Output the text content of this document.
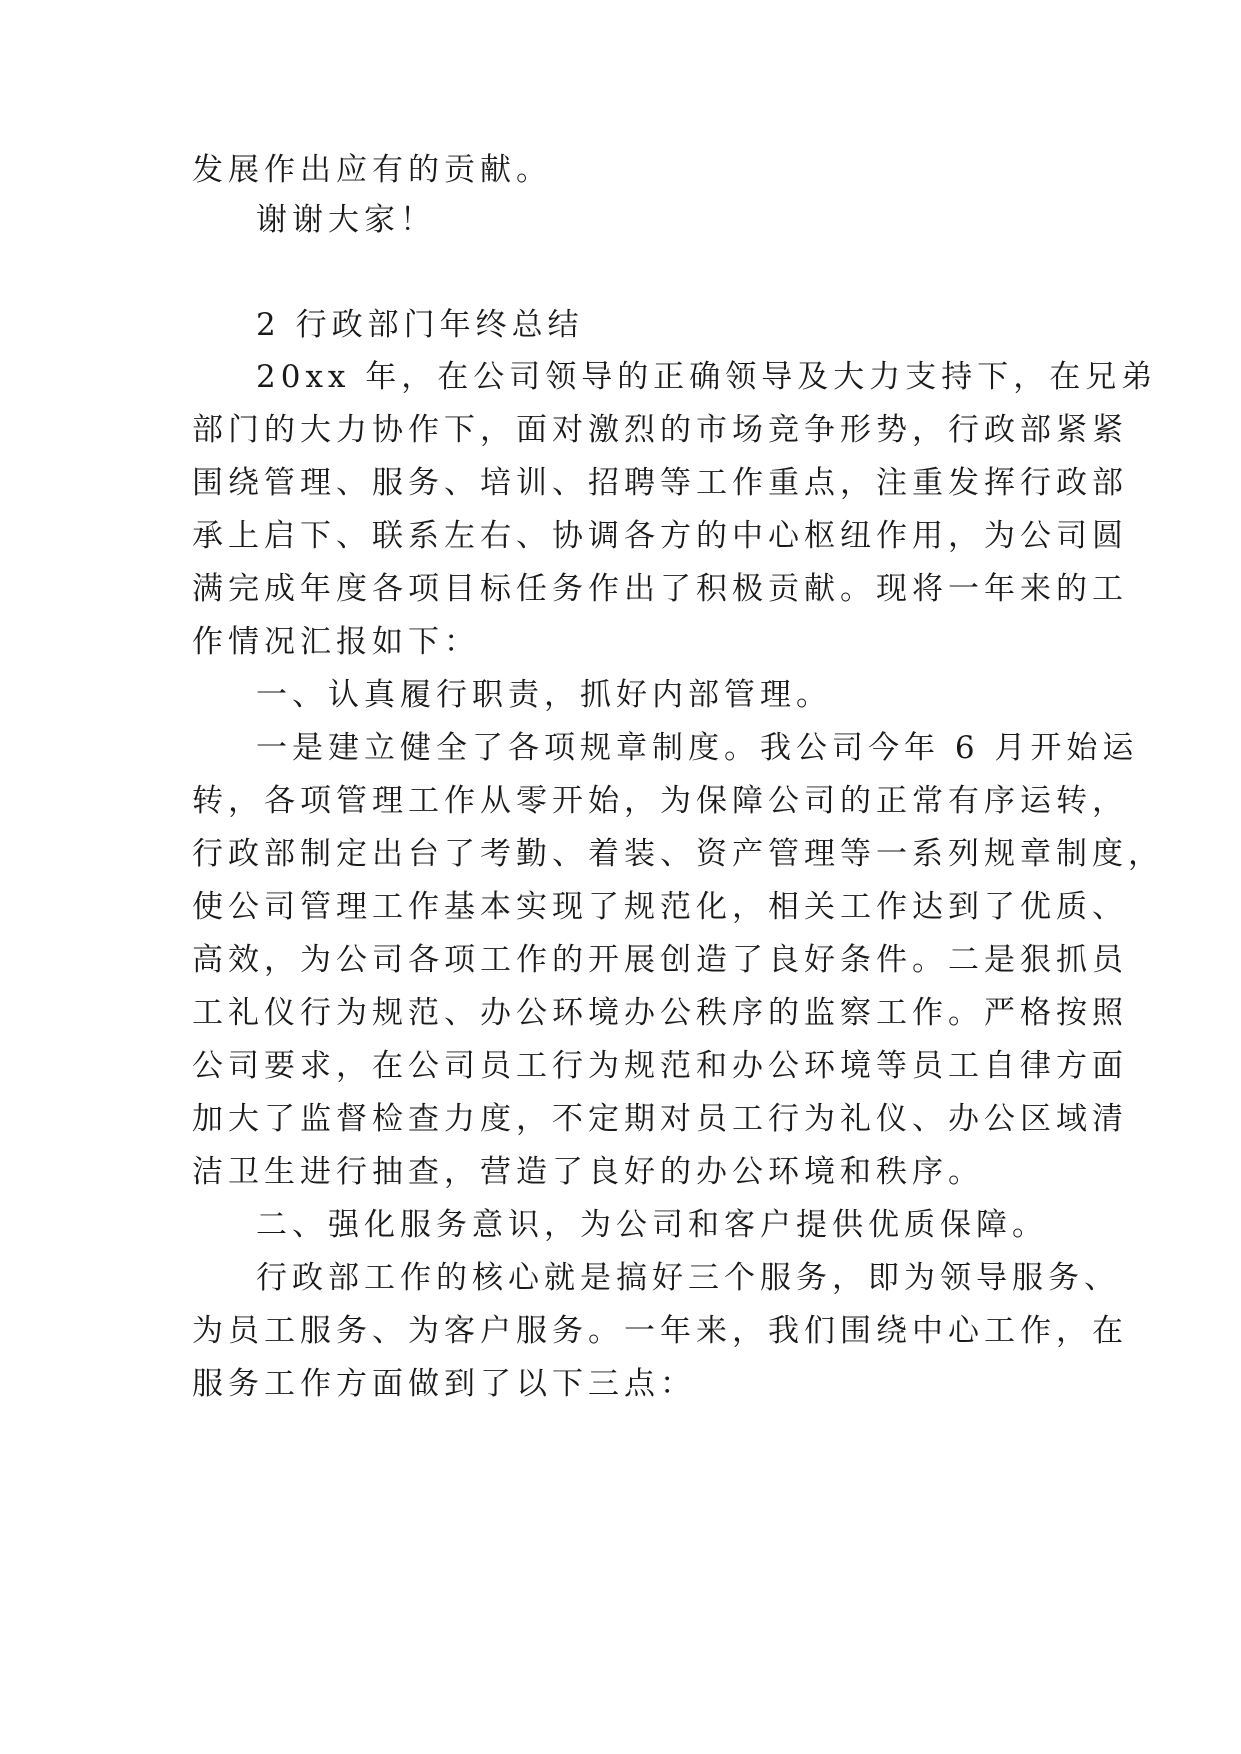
发展作出应有的贡献。

谢谢大家！

2 行政部门年终总结

20xx 年，在公司领导的正确领导及大力支持下，在兄弟

部门的大力协作下，面对激烈的市场竞争形势，行政部紧紧

围绕管理、服务、培训、招聘等工作重点，注重发挥行政部

承上启下、联系左右、协调各方的中心枢纽作用，为公司圆

满完成年度各项目标任务作出了积极贡献。现将一年来的工

作情况汇报如下：

一、认真履行职责，抓好内部管理。

一是建立健全了各项规章制度。我公司今年 6 月开始运

转，各项管理工作从零开始，为保障公司的正常有序运转，

行政部制定出台了考勤、着装、资产管理等一系列规章制度，

使公司管理工作基本实现了规范化，相关工作达到了优质、

高效，为公司各项工作的开展创造了良好条件。二是狠抓员

工礼仪行为规范、办公环境办公秩序的监察工作。严格按照

公司要求，在公司员工行为规范和办公环境等员工自律方面

加大了监督检查力度，不定期对员工行为礼仪、办公区域清

洁卫生进行抽查，营造了良好的办公环境和秩序。

二、强化服务意识，为公司和客户提供优质保障。

行政部工作的核心就是搞好三个服务，即为领导服务、

为员工服务、为客户服务。一年来，我们围绕中心工作，在

服务工作方面做到了以下三点：
